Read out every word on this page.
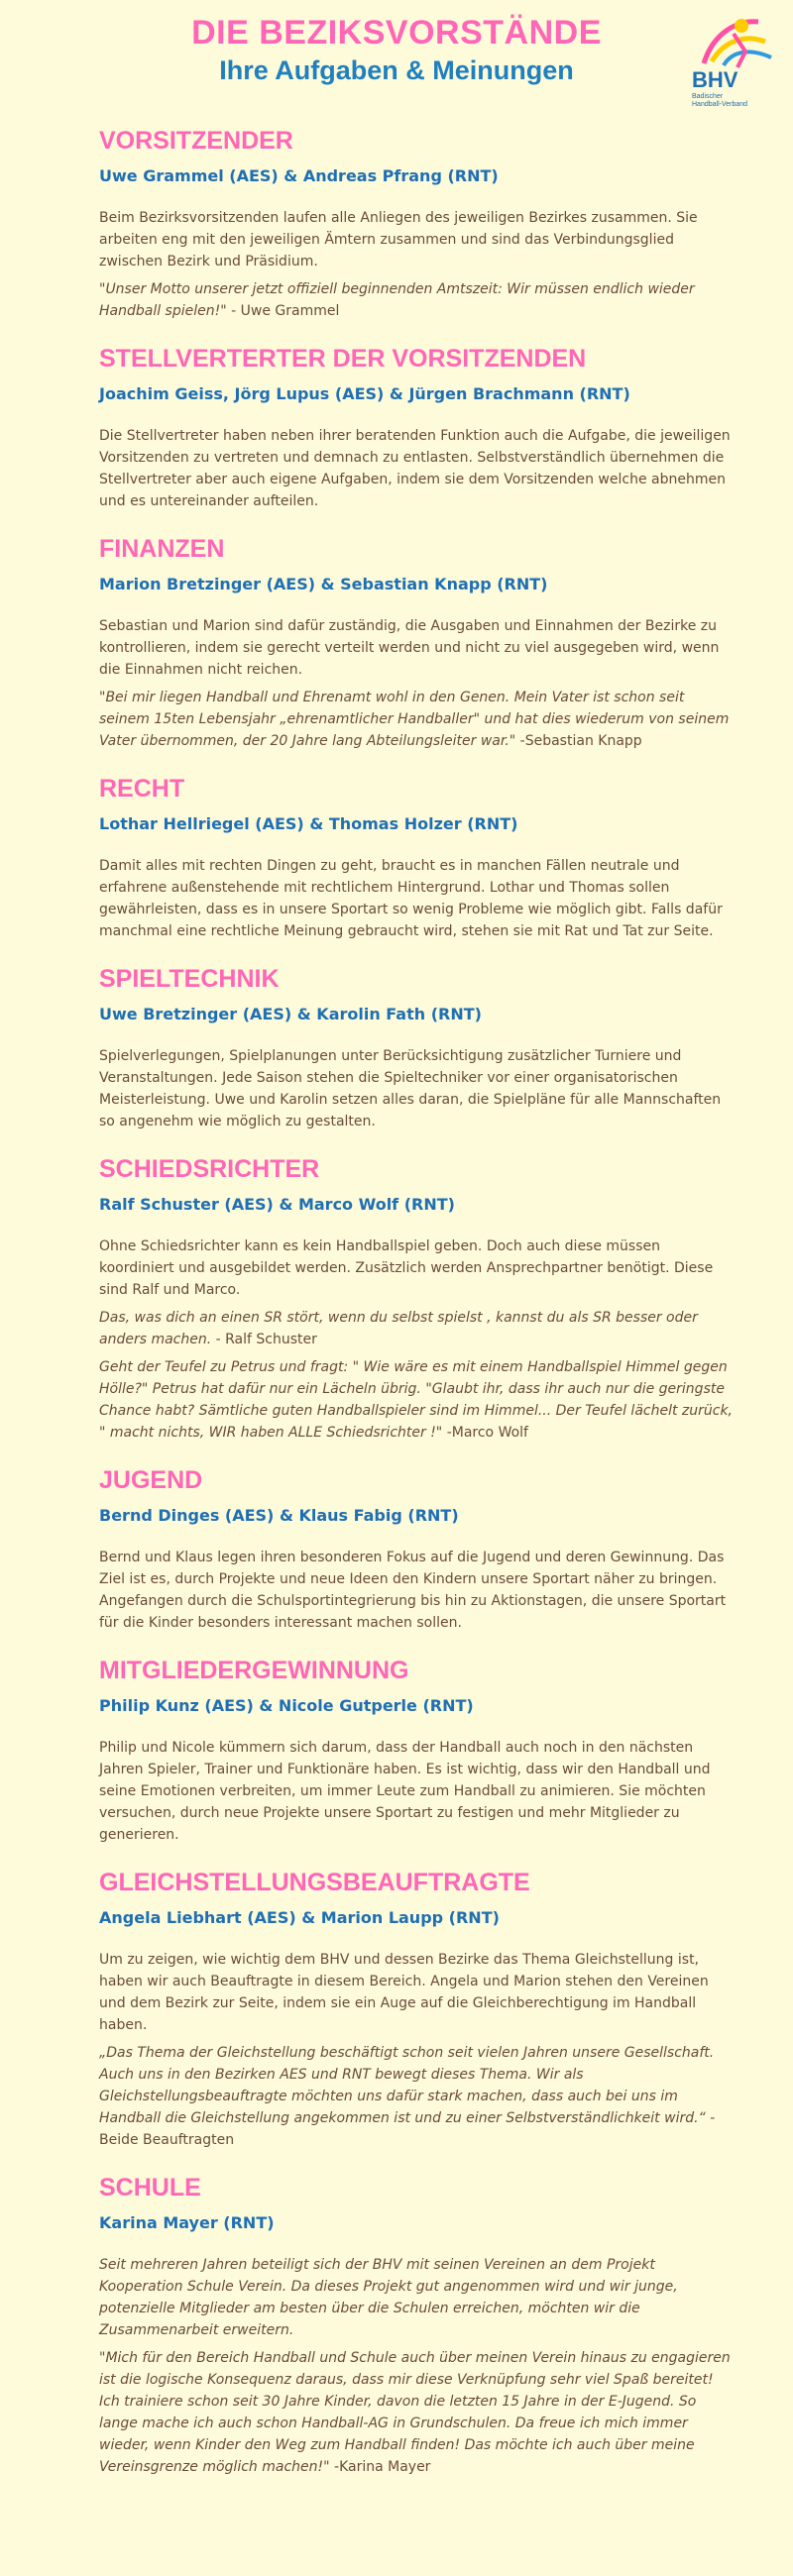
DIE BEZIKSVORSTÄNDE
Ihre Aufgaben & Meinungen	BHV
Badischer
Handball-Verband
VORSITZENDER
Uwe Grammel (AES) & Andreas Pfrang (RNT)

Beim Bezirksvorsitzenden laufen alle Anliegen des jeweiligen Bezirkes zusammen. Sie arbeiten eng mit den jeweiligen Ämtern zusammen und sind das Verbindungsglied zwischen Bezirk und Präsidium.

"Unser Motto unserer jetzt offiziell beginnenden Amtszeit: Wir müssen endlich wieder Handball spielen!" - Uwe Grammel

STELLVERTERTER DER VORSITZENDEN
Joachim Geiss, Jörg Lupus (AES) & Jürgen Brachmann (RNT)

Die Stellvertreter haben neben ihrer beratenden Funktion auch die Aufgabe, die jeweiligen Vorsitzenden zu vertreten und demnach zu entlasten. Selbstverständlich übernehmen die Stellvertreter aber auch eigene Aufgaben, indem sie dem Vorsitzenden welche abnehmen und es untereinander aufteilen.

FINANZEN
Marion Bretzinger (AES) & Sebastian Knapp (RNT)

Sebastian und Marion sind dafür zuständig, die Ausgaben und Einnahmen der Bezirke zu kontrollieren, indem sie gerecht verteilt werden und nicht zu viel ausgegeben wird, wenn die Einnahmen nicht reichen.

"Bei mir liegen Handball und Ehrenamt wohl in den Genen. Mein Vater ist schon seit seinem 15ten Lebensjahr „ehrenamtlicher Handballer" und hat dies wiederum von seinem Vater übernommen, der 20 Jahre lang Abteilungsleiter war." -Sebastian Knapp

RECHT
Lothar Hellriegel (AES) & Thomas Holzer (RNT)

Damit alles mit rechten Dingen zu geht, braucht es in manchen Fällen neutrale und erfahrene außenstehende mit rechtlichem Hintergrund. Lothar und Thomas sollen gewährleisten, dass es in unsere Sportart so wenig Probleme wie möglich gibt. Falls dafür manchmal eine rechtliche Meinung gebraucht wird, stehen sie mit Rat und Tat zur Seite.

SPIELTECHNIK
Uwe Bretzinger (AES) & Karolin Fath (RNT)

Spielverlegungen, Spielplanungen unter Berücksichtigung zusätzlicher Turniere und Veranstaltungen. Jede Saison stehen die Spieltechniker vor einer organisatorischen Meisterleistung. Uwe und Karolin setzen alles daran, die Spielpläne für alle Mannschaften so angenehm wie möglich zu gestalten.

SCHIEDSRICHTER
Ralf Schuster (AES) & Marco Wolf (RNT)

Ohne Schiedsrichter kann es kein Handballspiel geben. Doch auch diese müssen koordiniert und ausgebildet werden. Zusätzlich werden Ansprechpartner benötigt. Diese sind Ralf und Marco.

Das, was dich an einen SR stört, wenn du selbst spielst , kannst du als SR besser oder anders machen. - Ralf Schuster

Geht der Teufel zu Petrus und fragt: " Wie wäre es mit einem Handballspiel Himmel gegen Hölle?" Petrus hat dafür nur ein Lächeln übrig. "Glaubt ihr, dass ihr auch nur die geringste Chance habt? Sämtliche guten Handballspieler sind im Himmel... Der Teufel lächelt zurück, " macht nichts, WIR haben ALLE Schiedsrichter !" -Marco Wolf

JUGEND
Bernd Dinges (AES) & Klaus Fabig (RNT)

Bernd und Klaus legen ihren besonderen Fokus auf die Jugend und deren Gewinnung. Das Ziel ist es, durch Projekte und neue Ideen den Kindern unsere Sportart näher zu bringen. Angefangen durch die Schulsportintegrierung bis hin zu Aktionstagen, die unsere Sportart für die Kinder besonders interessant machen sollen.

MITGLIEDERGEWINNUNG
Philip Kunz (AES) & Nicole Gutperle (RNT)

Philip und Nicole kümmern sich darum, dass der Handball auch noch in den nächsten Jahren Spieler, Trainer und Funktionäre haben. Es ist wichtig, dass wir den Handball und seine Emotionen verbreiten, um immer Leute zum Handball zu animieren. Sie möchten versuchen, durch neue Projekte unsere Sportart zu festigen und mehr Mitglieder zu generieren.

GLEICHSTELLUNGSBEAUFTRAGTE
Angela Liebhart (AES) & Marion Laupp (RNT)

Um zu zeigen, wie wichtig dem BHV und dessen Bezirke das Thema Gleichstellung ist, haben wir auch Beauftragte in diesem Bereich. Angela und Marion stehen den Vereinen und dem Bezirk zur Seite, indem sie ein Auge auf die Gleichberechtigung im Handball haben.

„Das Thema der Gleichstellung beschäftigt schon seit vielen Jahren unsere Gesellschaft. Auch uns in den Bezirken AES und RNT bewegt dieses Thema. Wir als Gleichstellungsbeauftragte möchten uns dafür stark machen, dass auch bei uns im Handball die Gleichstellung angekommen ist und zu einer Selbstverständlichkeit wird.“ - Beide Beauftragten

SCHULE
Karina Mayer (RNT)

Seit mehreren Jahren beteiligt sich der BHV mit seinen Vereinen an dem Projekt Kooperation Schule Verein. Da dieses Projekt gut angenommen wird und wir junge, potenzielle Mitglieder am besten über die Schulen erreichen, möchten wir die Zusammenarbeit erweitern.

"Mich für den Bereich Handball und Schule auch über meinen Verein hinaus zu engagieren ist die logische Konsequenz daraus, dass mir diese Verknüpfung sehr viel Spaß bereitet! Ich trainiere schon seit 30 Jahre Kinder, davon die letzten 15 Jahre in der E-Jugend. So lange mache ich auch schon Handball-AG in Grundschulen. Da freue ich mich immer wieder, wenn Kinder den Weg zum Handball finden! Das möchte ich auch über meine Vereinsgrenze möglich machen!" -Karina Mayer
